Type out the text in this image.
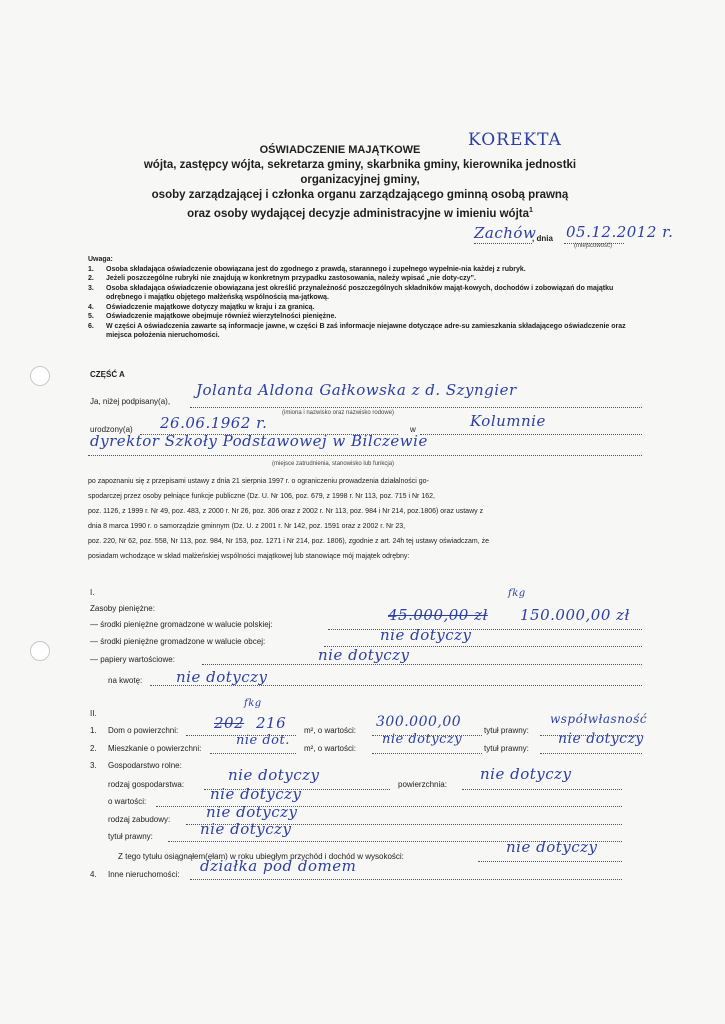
OŚWIADCZENIE MAJĄTKOWE	KOREKTA
wójta, zastępcy wójta, sekretarza gminy, skarbnika gminy, kierownika jednostki
organizacyjnej gminy,
osoby zarządzającej i członka organu zarządzającego gminną osobą prawną
oraz osoby wydającej decyzje administracyjne w imieniu wójta$^1$
Zachów
, dnia 05.12.2012 r.
(miejscowość)
Uwaga:
1.	Osoba składająca oświadczenie obowiązana jest do zgodnego z prawdą, starannego i zupełnego wypełnie-nia każdej z rubryk.
2.	Jeżeli poszczególne rubryki nie znajdują w konkretnym przypadku zastosowania, należy wpisać „nie doty-czy”.
3.	Osoba składająca oświadczenie obowiązana jest określić przynależność poszczególnych składników mająt-kowych, dochodów i zobowiązań do majątku odrębnego i majątku objętego małżeńską wspólnością ma-jątkową.
4.	Oświadczenie majątkowe dotyczy majątku w kraju i za granicą.
5.	Oświadczenie majątkowe obejmuje również wierzytelności pieniężne.
6.	W części A oświadczenia zawarte są informacje jawne, w części B zaś informacje niejawne dotyczące adre-su zamieszkania składającego oświadczenie oraz miejsca położenia nieruchomości.
CZĘŚĆ A
Ja, niżej podpisany(a),
Jolanta Aldona Gałkowska z d. Szyngier
(imiona i nazwisko oraz nazwisko rodowe)
urodzony(a) 26.06.1962 r.	w	Kolumnie
dyrektor Szkoły Podstawowej w Bilczewie
(miejsce zatrudnienia, stanowisko lub funkcja)
po zapoznaniu się z przepisami ustawy z dnia 21 sierpnia 1997 r. o ograniczeniu prowadzenia działalności go-
spodarczej przez osoby pełniące funkcje publiczne (Dz. U. Nr 106, poz. 679, z 1998 r. Nr 113, poz. 715 i Nr 162,
poz. 1126, z 1999 r. Nr 49, poz. 483, z 2000 r. Nr 26, poz. 306 oraz z 2002 r. Nr 113, poz. 984 i Nr 214, poz.1806) oraz ustawy z
dnia 8 marca 1990 r. o samorządzie gminnym (Dz. U. z 2001 r. Nr 142, poz. 1591 oraz z 2002 r. Nr 23,
poz. 220, Nr 62, poz. 558, Nr 113, poz. 984, Nr 153, poz. 1271 i Nr 214, poz. 1806), zgodnie z art. 24h tej ustawy oświadczam, że
posiadam wchodzące w skład małżeńskiej wspólności majątkowej lub stanowiące mój majątek odrębny:
I.
Zasoby pieniężne:
— środki pieniężne gromadzone w walucie polskiej:
45.000,00 zł 150.000,00 zł
fkg
— środki pieniężne gromadzone w walucie obcej:	nie dotyczy
— papiery wartościowe:	nie dotyczy
na kwotę: nie dotyczy
II.
1. Dom o powierzchni: 202 216
fkg
m², o wartości:
300.000,00
tytuł prawny:
współwłasność
2. Mieszkanie o powierzchni:
nie dot.
m², o wartości:
nie dotyczy
tytuł prawny:
nie dotyczy
3. Gospodarstwo rolne:
rodzaj gospodarstwa:
nie dotyczy
powierzchnia:
nie dotyczy
o wartości:	nie dotyczy
rodzaj zabudowy: nie dotyczy
tytuł prawny:	nie dotyczy
Z tego tytułu osiągnąłem(ęłam) w roku ubiegłym przychód i dochód w wysokości:
nie dotyczy
4. Inne nieruchomości: działka pod domem
